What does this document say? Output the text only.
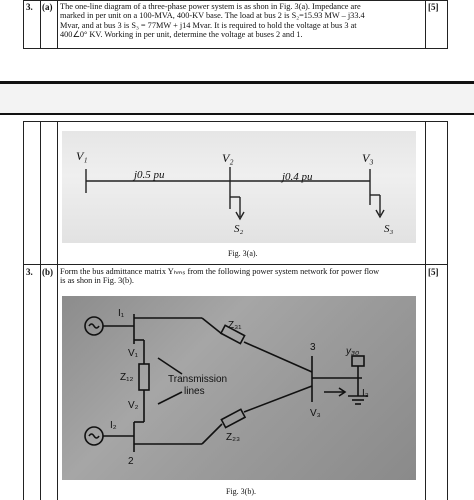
3. (a) The one-line diagram of a three-phase power system is as shon in Fig. 3(a). Impedance are
marked in per unit on a 100-MVA, 400-KV base. The load at bus 2 is S₂=15.93 MW – j33.4
Mvar, and at bus 3 is S₃ = 77MW + j14 Mvar. It is required to hold the voltage at bus 3 at
400∠0° KV. Working in per unit, determine the voltage at buses 2 and 1.
[5]
V₁	V₂	V₃
j0.5 pu	j0.4 pu
S₂	S₃
Fig. 3(a).
3. (b) Form the bus admittance matrix Yₕₘₛ from the following power system network for power flow
is as shon in Fig. 3(b).
[5]
I₁
V₁
Z₁₂
V₂
I₂
2
Z₃₁
Transmission
lines
Z₂₃
3	y₃₀
I₃
V₃
Fig. 3(b).
